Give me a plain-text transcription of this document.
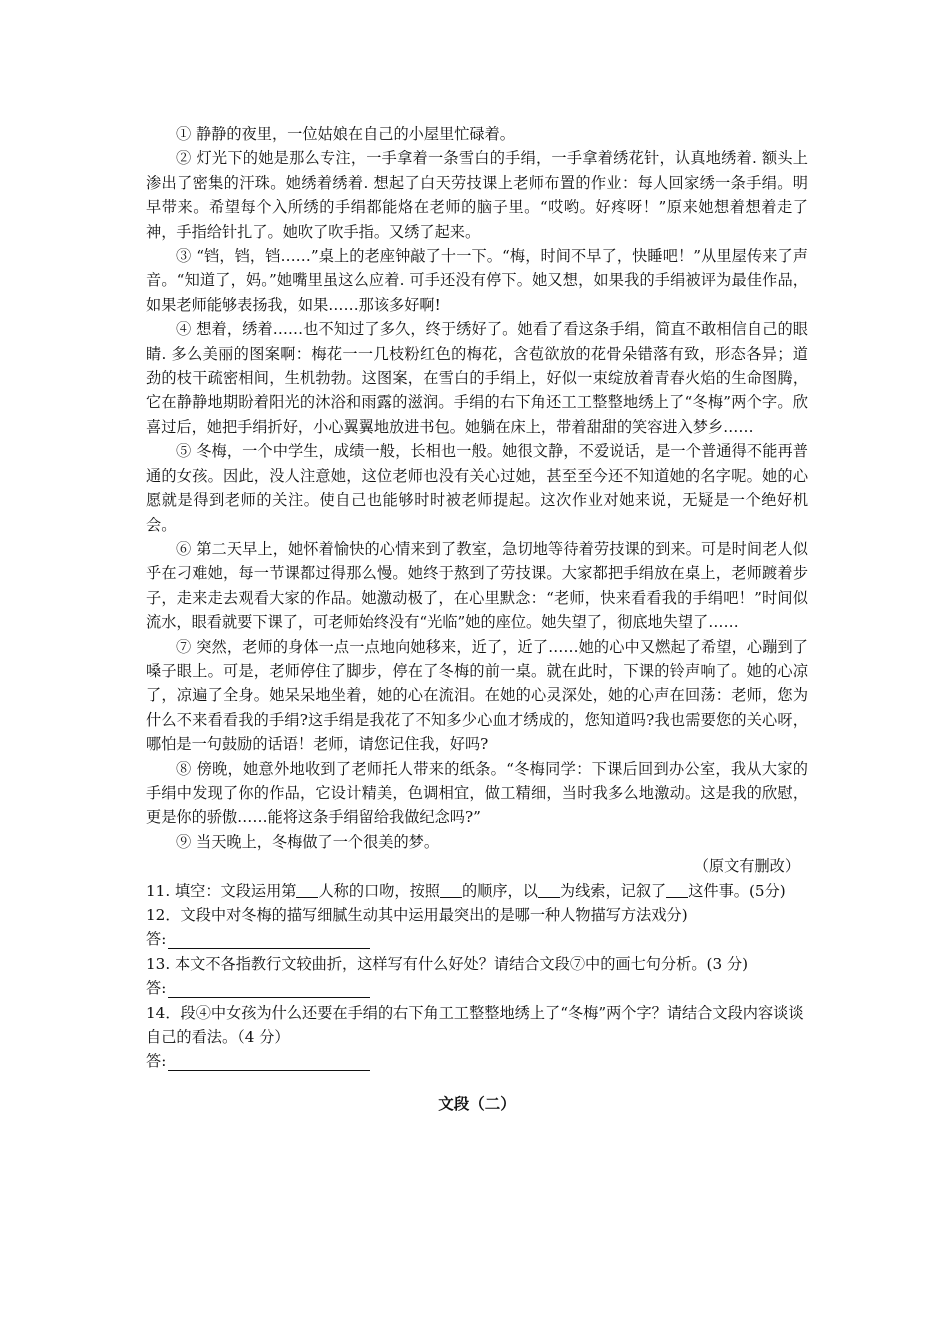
① 静静的夜里，一位姑娘在自己的小屋里忙碌着。

② 灯光下的她是那么专注，一手拿着一条雪白的手绢，一手拿着绣花针，认真地绣着. 额头上渗出了密集的汗珠。她绣着绣着. 想起了白天劳技课上老师布置的作业：每人回家绣一条手绢。明早带来。希望每个入所绣的手绢都能烙在老师的脑子里。“哎哟。好疼呀！”原来她想着想着走了神，手指给针扎了。她吹了吹手指。又绣了起来。

③ “铛，铛，铛……”桌上的老座钟敲了十一下。“梅，时间不早了，快睡吧！”从里屋传来了声音。“知道了，妈。”她嘴里虽这么应着. 可手还没有停下。她又想，如果我的手绢被评为最佳作品，如果老师能够表扬我，如果……那该多好啊!

④ 想着，绣着……也不知过了多久，终于绣好了。她看了看这条手绢，简直不敢相信自己的眼睛. 多么美丽的图案啊：梅花一一几枝粉红色的梅花，含苞欲放的花骨朵错落有致，形态各异；道劲的枝干疏密相间，生机勃勃。这图案，在雪白的手绢上，好似一束绽放着青春火焰的生命图腾，它在静静地期盼着阳光的沐浴和雨露的滋润。手绢的右下角还工工整整地绣上了“冬梅”两个字。欣喜过后，她把手绢折好，小心翼翼地放进书包。她躺在床上，带着甜甜的笑容进入梦乡……

⑤ 冬梅，一个中学生，成绩一般，长相也一般。她很文静，不爱说话，是一个普通得不能再普通的女孩。因此，没人注意她，这位老师也没有关心过她，甚至至今还不知道她的名字呢。她的心愿就是得到老师的关注。使自己也能够时时被老师提起。这次作业对她来说，无疑是一个绝好机会。

⑥ 第二天早上，她怀着愉快的心情来到了教室，急切地等待着劳技课的到来。可是时间老人似乎在刁难她，每一节课都过得那么慢。她终于熬到了劳技课。大家都把手绢放在桌上，老师踱着步子，走来走去观看大家的作品。她激动极了，在心里默念：“老师，快来看看我的手绢吧！”时间似流水，眼看就要下课了，可老师始终没有“光临”她的座位。她失望了，彻底地失望了……

⑦ 突然，老师的身体一点一点地向她移来，近了，近了……她的心中又燃起了希望，心蹦到了嗓子眼上。可是，老师停住了脚步，停在了冬梅的前一桌。就在此时，下课的铃声响了。她的心凉了，凉遍了全身。她呆呆地坐着，她的心在流泪。在她的心灵深处，她的心声在回荡：老师，您为什么不来看看我的手绢?这手绢是我花了不知多少心血才绣成的，您知道吗?我也需要您的关心呀，哪怕是一句鼓励的话语！老师，请您记住我，好吗?

⑧ 傍晚，她意外地收到了老师托人带来的纸条。“冬梅同学：下课后回到办公室，我从大家的手绢中发现了你的作品，它设计精美，色调相宜，做工精细，当时我多么地激动。这是我的欣慰，更是你的骄傲……能将这条手绢留给我做纪念吗?”

⑨ 当天晚上，冬梅做了一个很美的梦。

（原文有删改）

11. 填空：文段运用第 人称的口吻，按照 的顺序，以 为线索，记叙了 这件事。(5分)

12．文段中对冬梅的描写细腻生动其中运用最突出的是哪一种人物描写方法戏分)

答:

13. 本文不各指教行文较曲折，这样写有什么好处？请结合文段⑦中的画七句分析。(3 分)

答:

14．段④中女孩为什么还要在手绢的右下角工工整整地绣上了“冬梅”两个字？请结合文段内容谈谈自己的看法。（4 分）

答:

文段（二）
